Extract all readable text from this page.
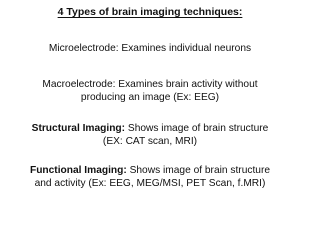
4 Types of brain imaging techniques:
Microelectrode: Examines individual neurons
Macroelectrode: Examines brain activity without
producing an image (Ex: EEG)
Structural Imaging: Shows image of brain structure
(EX: CAT scan, MRI)
Functional Imaging: Shows image of brain structure
and activity (Ex: EEG, MEG/MSI, PET Scan, f.MRI)
